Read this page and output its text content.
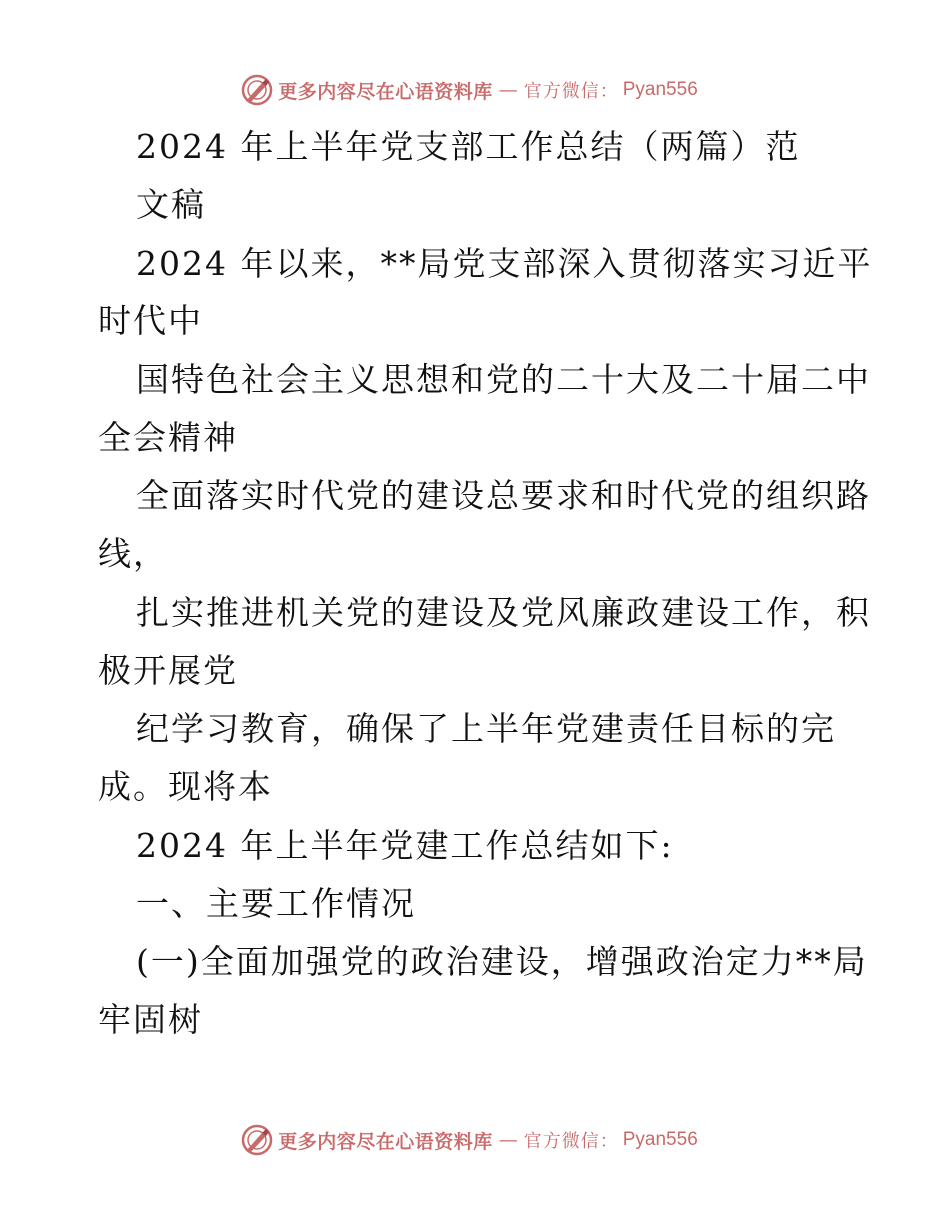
更多内容尽在心语资料库 — 官方微信： Pyan556
2024 年上半年党支部工作总结（两篇）范
文稿
2024 年以来，**局党支部深入贯彻落实习近平
时代中
国特色社会主义思想和党的二十大及二十届二中
全会精神
全面落实时代党的建设总要求和时代党的组织路
线，
扎实推进机关党的建设及党风廉政建设工作，积
极开展党
纪学习教育，确保了上半年党建责任目标的完
成。现将本
2024 年上半年党建工作总结如下:
一、主要工作情况
(一)全面加强党的政治建设，增强政治定力**局
牢固树
更多内容尽在心语资料库 — 官方微信： Pyan556
